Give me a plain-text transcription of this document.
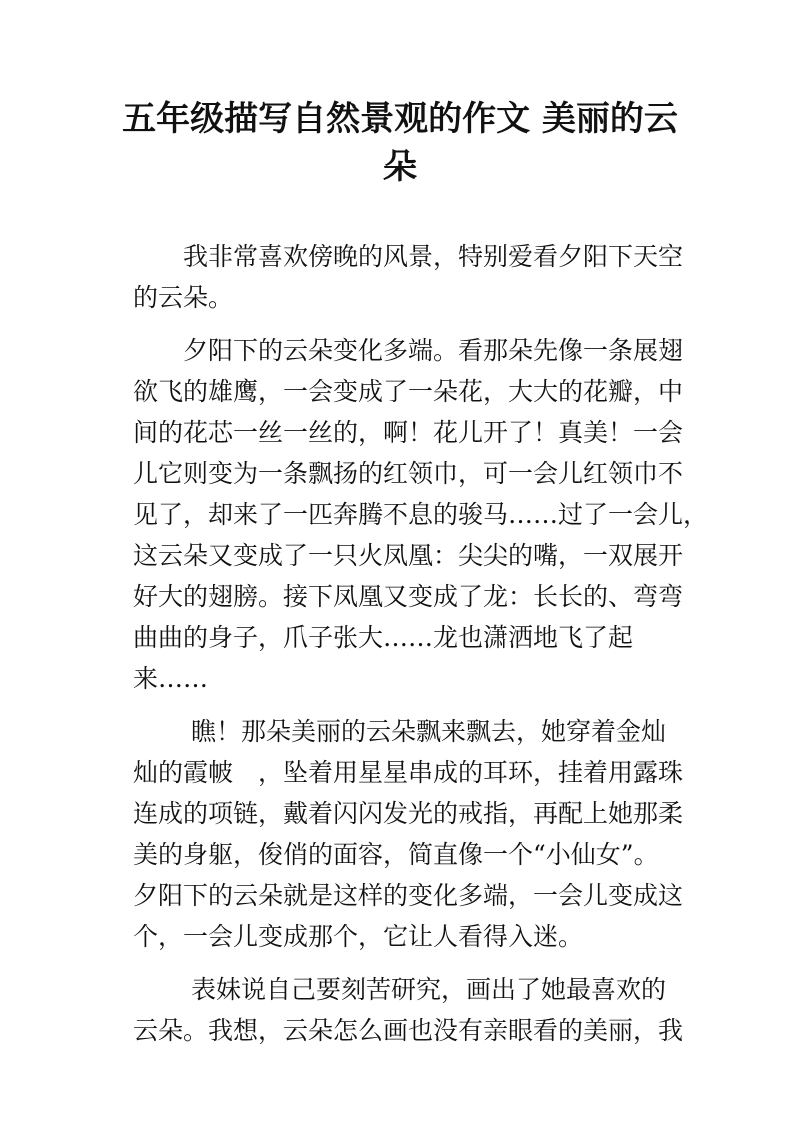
五年级描写自然景观的作文 美丽的云
朵

　　我非常喜欢傍晚的风景，特别爱看夕阳下天空
的云朵。

　　夕阳下的云朵变化多端。看那朵先像一条展翅
欲飞的雄鹰，一会变成了一朵花，大大的花瓣，中
间的花芯一丝一丝的，啊！花儿开了！真美！一会
儿它则变为一条飘扬的红领巾，可一会儿红领巾不
见了，却来了一匹奔腾不息的骏马……过了一会儿，
这云朵又变成了一只火凤凰：尖尖的嘴，一双展开
好大的翅膀。接下凤凰又变成了龙：长长的、弯弯
曲曲的身子，爪子张大……龙也潇洒地飞了起
来……

　　 瞧！那朵美丽的云朵飘来飘去，她穿着金灿
灿的霞帔　，坠着用星星串成的耳环，挂着用露珠
连成的项链，戴着闪闪发光的戒指，再配上她那柔
美的身躯，俊俏的面容，简直像一个“小仙女”。
夕阳下的云朵就是这样的变化多端，一会儿变成这
个，一会儿变成那个，它让人看得入迷。

　　 表妹说自己要刻苦研究，画出了她最喜欢的
云朵。我想，云朵怎么画也没有亲眼看的美丽，我
